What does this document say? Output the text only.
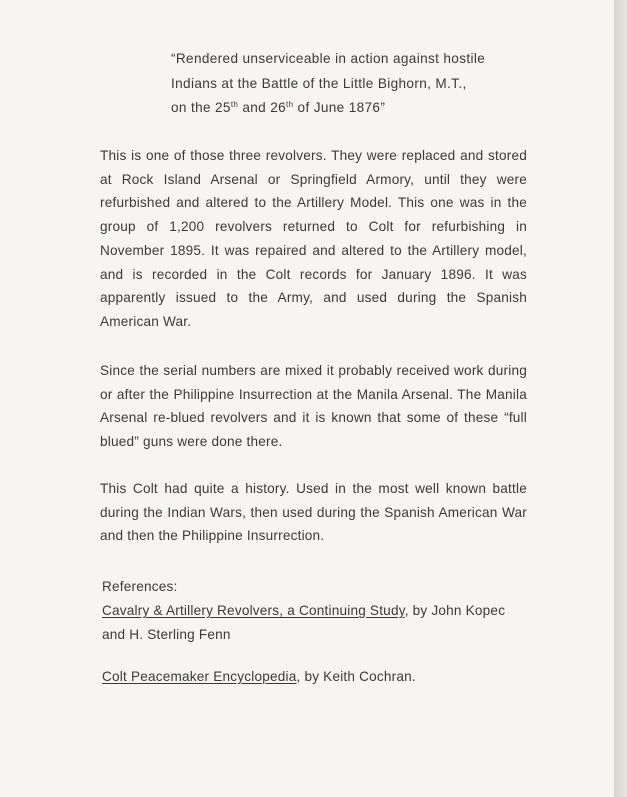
“Rendered unserviceable in action against hostile
Indians at the Battle of the Little Bighorn, M.T.,
on the 25th and 26th of June 1876”

This is one of those three revolvers. They were replaced and stored at Rock Island Arsenal or Springfield Armory, until they were refurbished and altered to the Artillery Model. This one was in the group of 1,200 revolvers returned to Colt for refurbishing in November 1895. It was repaired and altered to the Artillery model, and is recorded in the Colt records for January 1896. It was apparently issued to the Army, and used during the Spanish American War.

Since the serial numbers are mixed it probably received work during or after the Philippine Insurrection at the Manila Arsenal. The Manila Arsenal re-blued revolvers and it is known that some of these “full blued” guns were done there.

This Colt had quite a history. Used in the most well known battle during the Indian Wars, then used during the Spanish American War and then the Philippine Insurrection.

References:
Cavalry & Artillery Revolvers, a Continuing Study, by John Kopec and H. Sterling Fenn
Colt Peacemaker Encyclopedia, by Keith Cochran.
